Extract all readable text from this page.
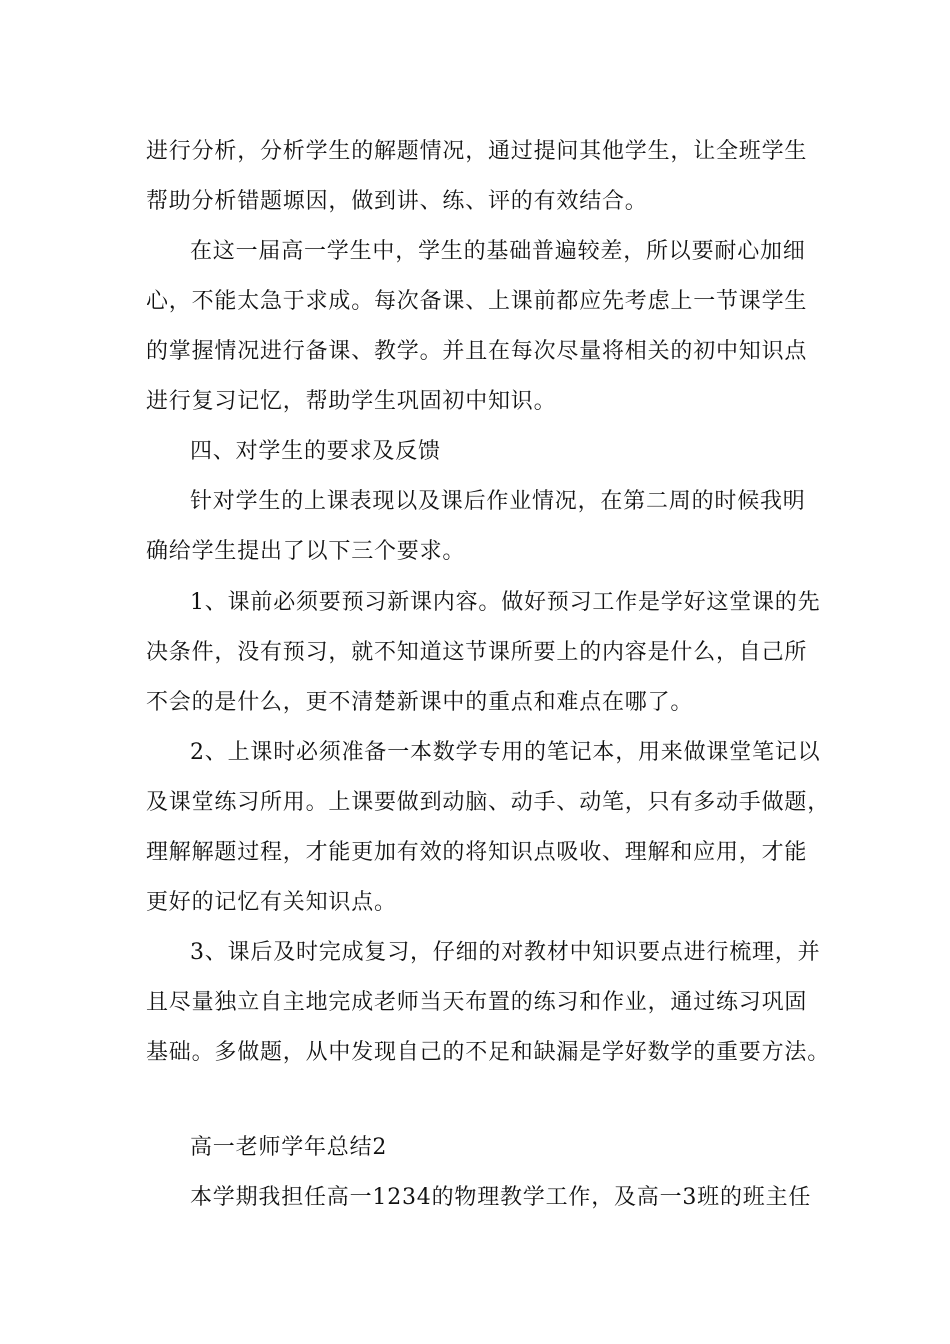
进行分析，分析学生的解题情况，通过提问其他学生，让全班学生
帮助分析错题塬因，做到讲、练、评的有效结合。
在这一届高一学生中，学生的基础普遍较差，所以要耐心加细
心，不能太急于求成。每次备课、上课前都应先考虑上一节课学生
的掌握情况进行备课、教学。并且在每次尽量将相关的初中知识点
进行复习记忆，帮助学生巩固初中知识。
四、对学生的要求及反馈
针对学生的上课表现以及课后作业情况，在第二周的时候我明
确给学生提出了以下三个要求。
1、课前必须要预习新课内容。做好预习工作是学好这堂课的先
决条件，没有预习，就不知道这节课所要上的内容是什么，自己所
不会的是什么，更不清楚新课中的重点和难点在哪了。
2、上课时必须准备一本数学专用的笔记本，用来做课堂笔记以
及课堂练习所用。上课要做到动脑、动手、动笔，只有多动手做题，
理解解题过程，才能更加有效的将知识点吸收、理解和应用，才能
更好的记忆有关知识点。
3、课后及时完成复习，仔细的对教材中知识要点进行梳理，并
且尽量独立自主地完成老师当天布置的练习和作业，通过练习巩固
基础。多做题，从中发现自己的不足和缺漏是学好数学的重要方法。
高一老师学年总结2
本学期我担任高一1234的物理教学工作，及高一3班的班主任
